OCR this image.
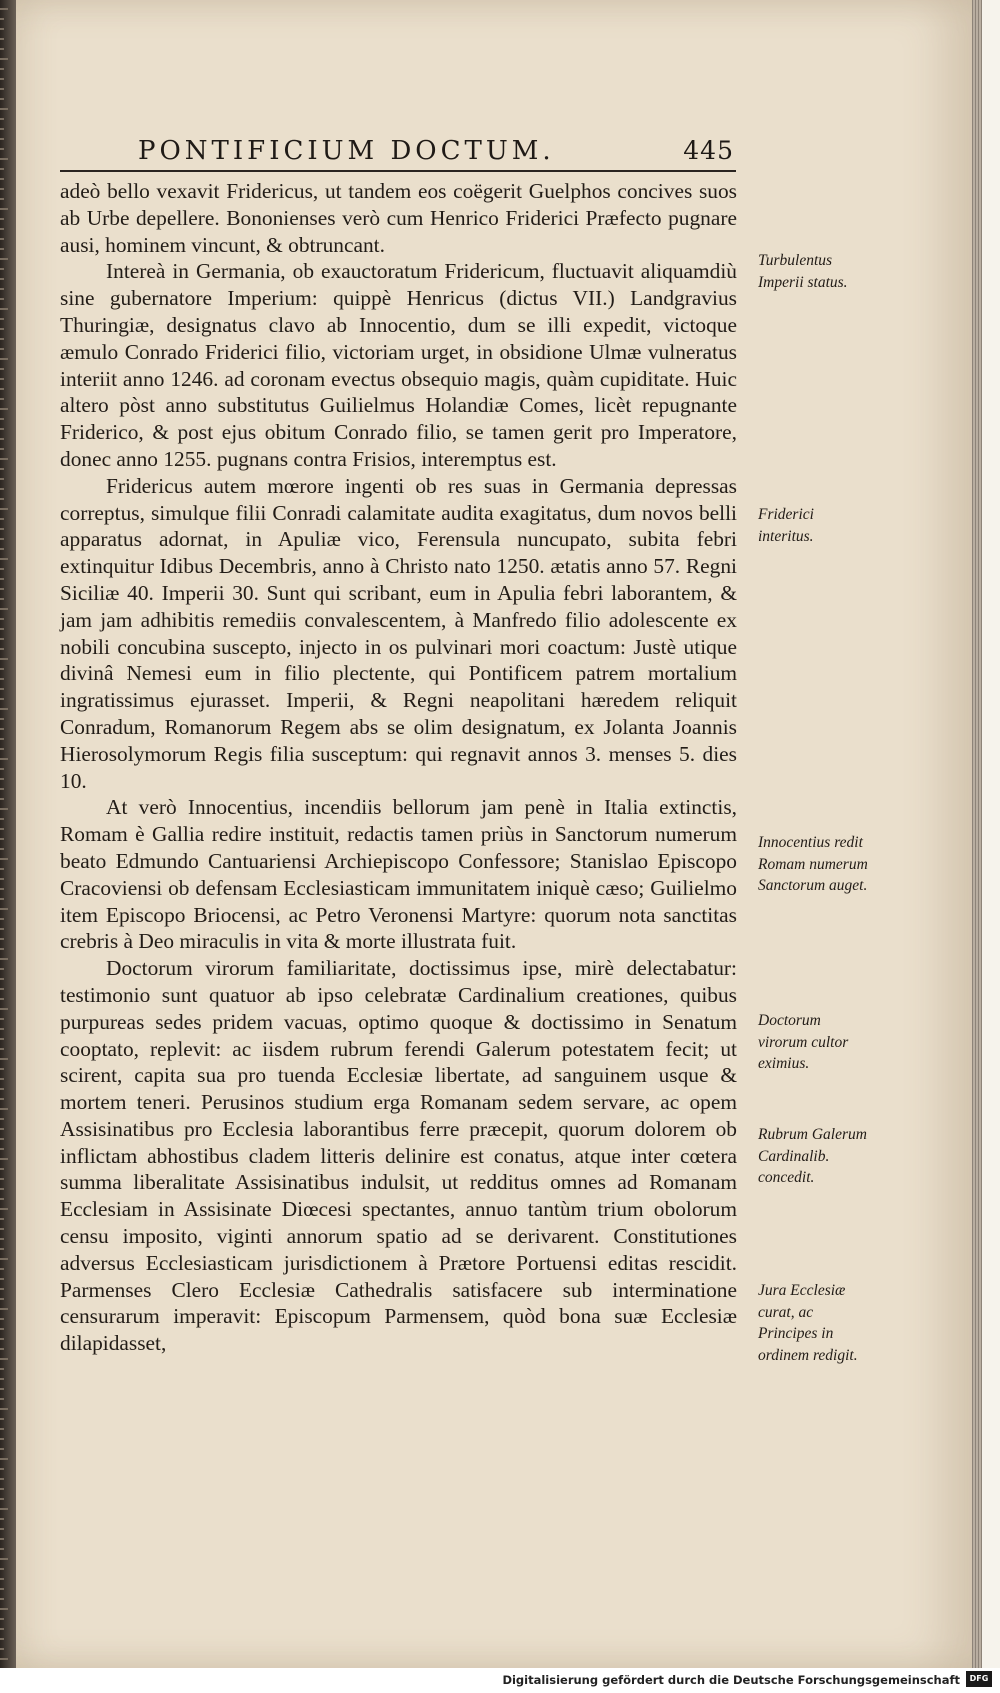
PONTIFICIUM DOCTUM.	445

adeò bello vexavit Fridericus, ut tandem eos coëgerit Guelphos concives suos ab Urbe depellere. Bononienses verò cum Henrico Friderici Præfecto pugnare ausi, hominem vincunt, & obtruncant.

Intereà in Germania, ob exauctoratum Fridericum, fluctuavit aliquamdiù sine gubernatore Imperium: quippè Henricus (dictus VII.) Landgravius Thuringiæ, designatus clavo ab Innocentio, dum se illi expedit, victoque æmulo Conrado Friderici filio, victoriam urget, in obsidione Ulmæ vulneratus interiit anno 1246. ad coronam evectus obsequio magis, quàm cupiditate. Huic altero pòst anno substitutus Guilielmus Holandiæ Comes, licèt repugnante Friderico, & post ejus obitum Conrado filio, se tamen gerit pro Imperatore, donec anno 1255. pugnans contra Frisios, interemptus est.

Fridericus autem mœrore ingenti ob res suas in Germania depressas correptus, simulque filii Conradi calamitate audita exagitatus, dum novos belli apparatus adornat, in Apuliæ vico, Ferensula nuncupato, subita febri extinquitur Idibus Decembris, anno à Christo nato 1250. ætatis anno 57. Regni Siciliæ 40. Imperii 30. Sunt qui scribant, eum in Apulia febri laborantem, & jam jam adhibitis remediis convalescentem, à Manfredo filio adolescente ex nobili concubina suscepto, injecto in os pulvinari mori coactum: Justè utique divinâ Nemesi eum in filio plectente, qui Pontificem patrem mortalium ingratissimus ejurasset. Imperii, & Regni neapolitani hæredem reliquit Conradum, Romanorum Regem abs se olim designatum, ex Jolanta Joannis Hierosolymorum Regis filia susceptum: qui regnavit annos 3. menses 5. dies 10.

At verò Innocentius, incendiis bellorum jam penè in Italia extinctis, Romam è Gallia redire instituit, redactis tamen priùs in Sanctorum numerum beato Edmundo Cantuariensi Archiepiscopo Confessore; Stanislao Episcopo Cracoviensi ob defensam Ecclesiasticam immunitatem iniquè cæso; Guilielmo item Episcopo Briocensi, ac Petro Veronensi Martyre: quorum nota sanctitas crebris à Deo miraculis in vita & morte illustrata fuit.

Doctorum virorum familiaritate, doctissimus ipse, mirè delectabatur: testimonio sunt quatuor ab ipso celebratæ Cardinalium creationes, quibus purpureas sedes pridem vacuas, optimo quoque & doctissimo in Senatum cooptato, replevit: ac iisdem rubrum ferendi Galerum potestatem fecit; ut scirent, capita sua pro tuenda Ecclesiæ libertate, ad sanguinem usque & mortem teneri. Perusinos studium erga Romanam sedem servare, ac opem Assisinatibus pro Ecclesia laborantibus ferre præcepit, quorum dolorem ob inflictam abhostibus cladem litteris delinire est conatus, atque inter cœtera summa liberalitate Assisinatibus indulsit, ut redditus omnes ad Romanam Ecclesiam in Assisinate Diœcesi spectantes, annuo tantùm trium obolorum censu imposito, viginti annorum spatio ad se derivarent. Constitutiones adversus Ecclesiasticam jurisdictionem à Prætore Portuensi editas rescidit. Parmenses Clero Ecclesiæ Cathedralis satisfacere sub interminatione censurarum imperavit: Episcopum Parmensem, quòd bona suæ Ecclesiæ dilapidasset,

Turbulentus Imperii status.
Friderici interitus.
Innocentius redit Romam numerum Sanctorum auget.
Doctorum virorum cultor eximius.
Rubrum Galerum Cardinalib. concedit.
Jura Ecclesiæ curat, ac Principes in ordinem redigit.
Digitalisierung gefördert durch die Deutsche Forschungsgemeinschaft	DFG
